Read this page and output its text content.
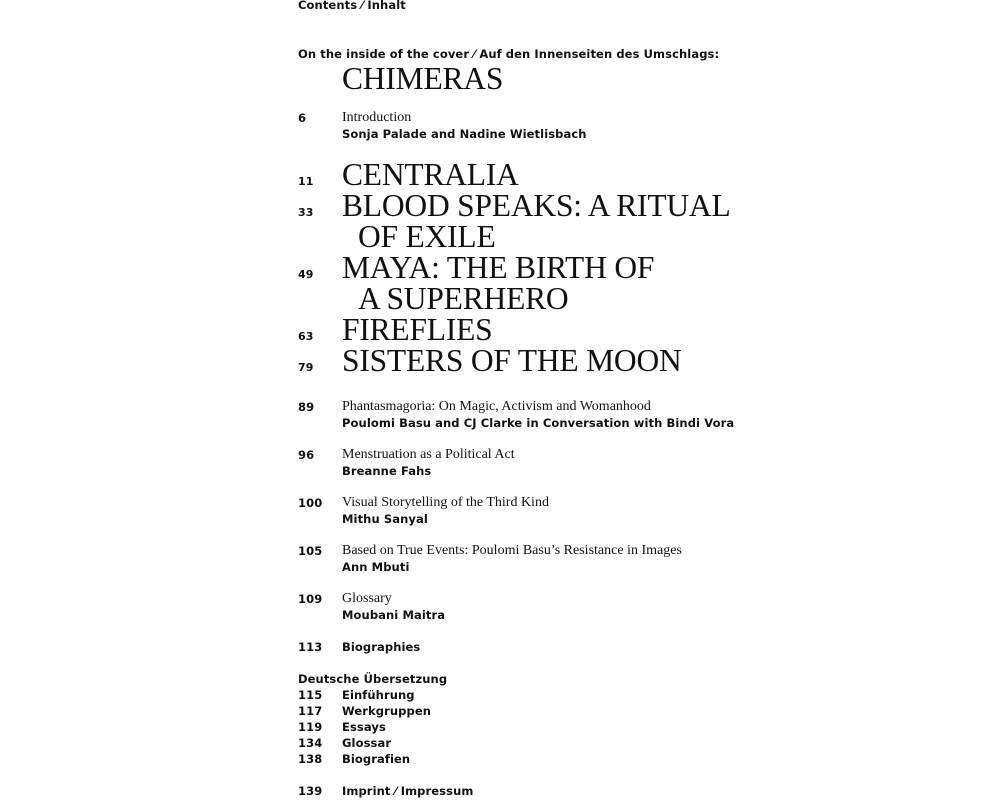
Contents ⁄ Inhalt
On the inside of the cover ⁄ Auf den Innenseiten des Umschlags:
CHIMERAS
6	Introduction
Sonja Palade and Nadine Wietlisbach
11 CENTRALIA
33 BLOOD SPEAKS: A RITUAL
OF EXILE
49 MAYA: THE BIRTH OF
A SUPERHERO
63 FIREFLIES
79 SISTERS OF THE MOON
89 Phantasmagoria: On Magic, Activism and Womanhood
Poulomi Basu and CJ Clarke in Conversation with Bindi Vora
96 Menstruation as a Political Act
Breanne Fahs
100 Visual Storytelling of the Third Kind
Mithu Sanyal
105 Based on True Events: Poulomi Basu’s Resistance in Images
Ann Mbuti
109 Glossary
Moubani Maitra
113 Biographies
Deutsche Übersetzung
115 Einführung
117 Werkgruppen
119 Essays
134 Glossar
138 Biografien
139 Imprint ⁄ Impressum
